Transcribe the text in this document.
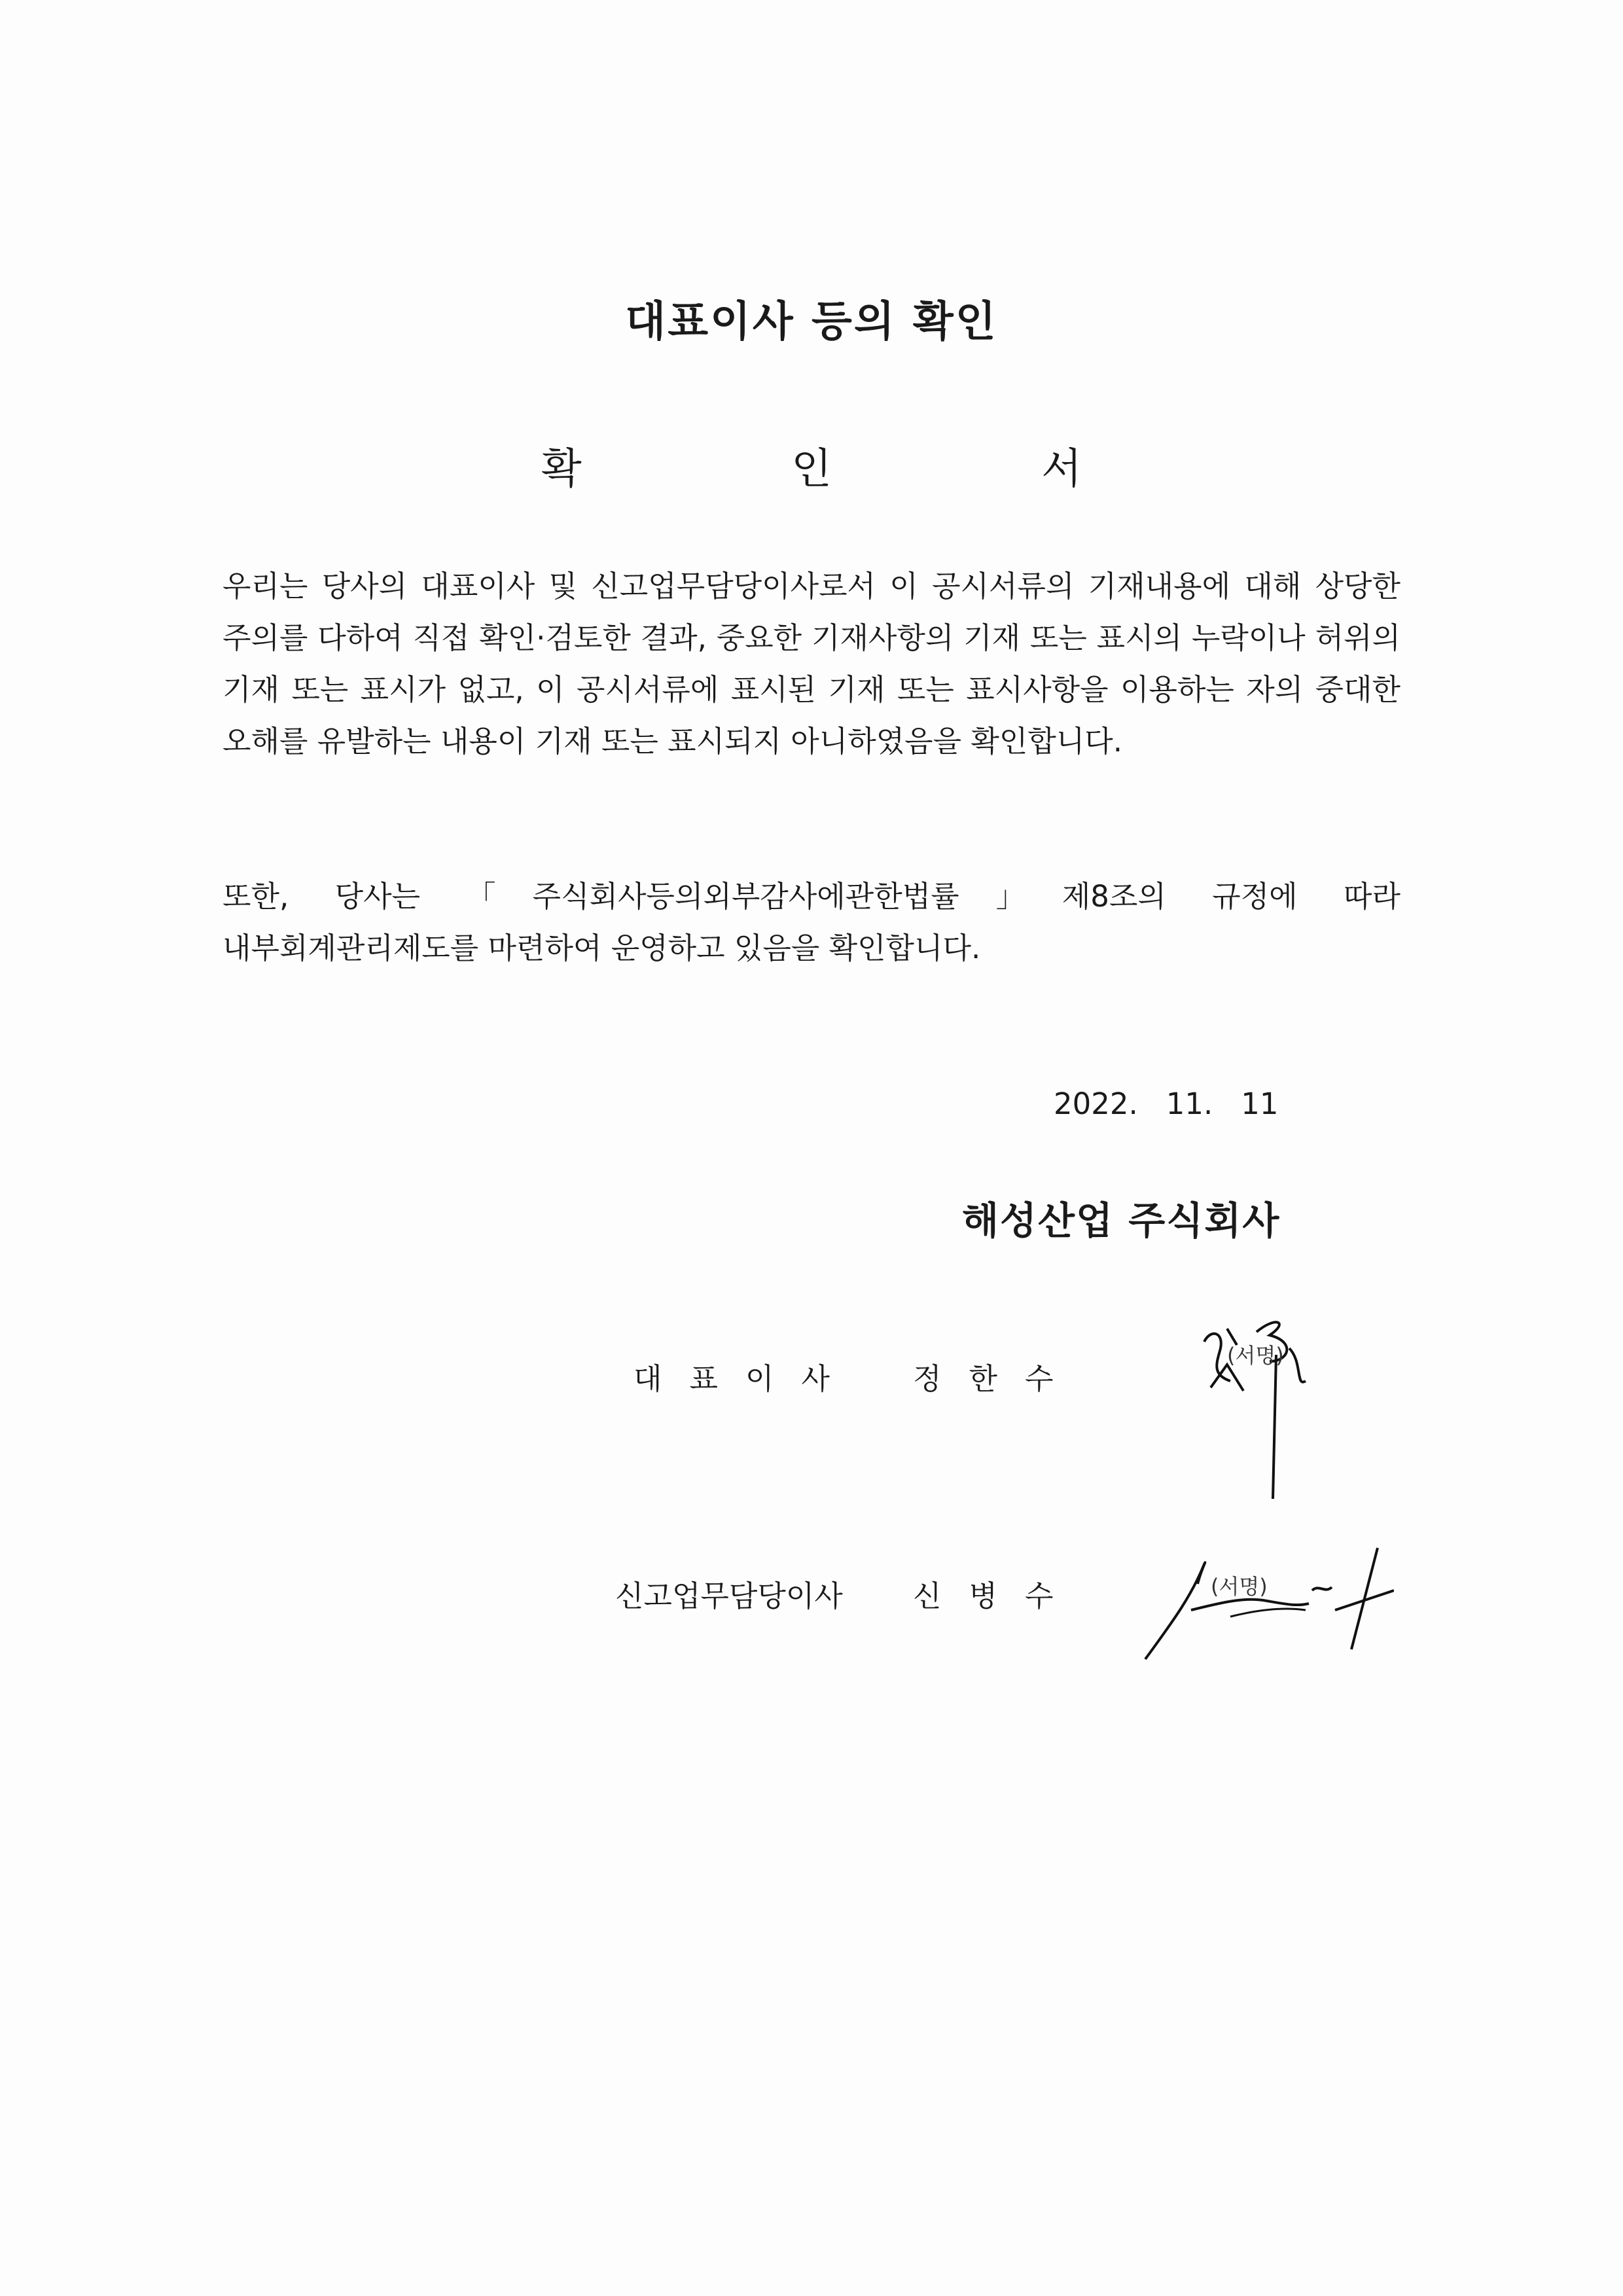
대표이사 등의 확인
확 인 서
우리는 당사의 대표이사 및 신고업무담당이사로서 이 공시서류의 기재내용에 대해 상당한 주의를 다하여 직접 확인·검토한 결과, 중요한 기재사항의 기재 또는 표시의 누락이나 허위의 기재 또는 표시가 없고, 이 공시서류에 표시된 기재 또는 표시사항을 이용하는 자의 중대한 오해를 유발하는 내용이 기재 또는 표시되지 아니하였음을 확인합니다.
또한, 당사는 「주식회사등의외부감사에관한법률」제8조의 규정에 따라 내부회계관리제도를 마련하여 운영하고 있음을 확인합니다.
2022.   11.   11
해성산업 주식회사
대표이사 정한수
(서명)
신고업무담당이사 신병수	(서명)
